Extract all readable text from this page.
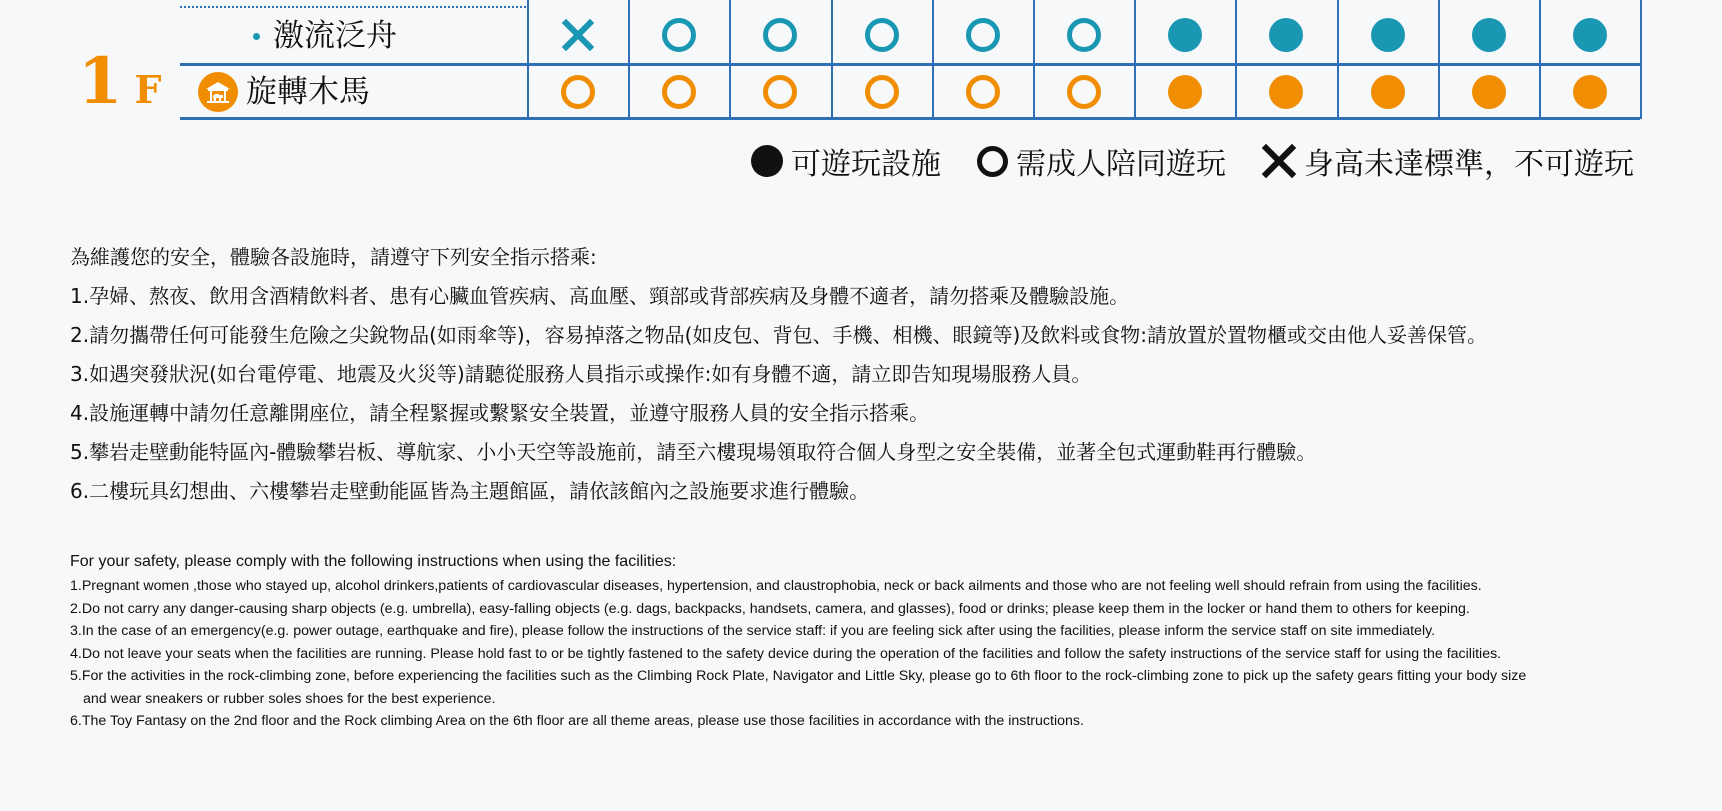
1 F
激流泛舟
旋轉木馬
可遊玩設施	需成人陪同遊玩	身高未達標準，不可遊玩

為維護您的安全，體驗各設施時，請遵守下列安全指示搭乘:

1.孕婦、熬夜、飲用含酒精飲料者、患有心臟血管疾病、高血壓、頸部或背部疾病及身體不適者，請勿搭乘及體驗設施。

2.請勿攜帶任何可能發生危險之尖銳物品(如雨傘等)，容易掉落之物品(如皮包、背包、手機、相機、眼鏡等)及飲料或食物:請放置於置物櫃或交由他人妥善保管。

3.如遇突發狀況(如台電停電、地震及火災等)請聽從服務人員指示或操作:如有身體不適，請立即告知現場服務人員。

4.設施運轉中請勿任意離開座位，請全程緊握或繫緊安全裝置，並遵守服務人員的安全指示搭乘。

5.攀岩走壁動能特區內-體驗攀岩板、導航家、小小天空等設施前，請至六樓現場領取符合個人身型之安全裝備，並著全包式運動鞋再行體驗。

6.二樓玩具幻想曲、六樓攀岩走壁動能區皆為主題館區，請依該館內之設施要求進行體驗。

For your safety, please comply with the following instructions when using the facilities:

1.Pregnant women ,those who stayed up, alcohol drinkers,patients of cardiovascular diseases, hypertension, and claustrophobia, neck or back ailments and those who are not feeling well should refrain from using the facilities.

2.Do not carry any danger-causing sharp objects (e.g. umbrella), easy-falling objects (e.g. dags, backpacks, handsets, camera, and glasses), food or drinks; please keep them in the locker or hand them to others for keeping.

3.In the case of an emergency(e.g. power outage, earthquake and fire), please follow the instructions of the service staff: if you are feeling sick after using the facilities, please inform the service staff on site immediately.

4.Do not leave your seats when the facilities are running. Please hold fast to or be tightly fastened to the safety device during the operation of the facilities and follow the safety instructions of the service staff for using the facilities.

5.For the activities in the rock-climbing zone, before experiencing the facilities such as the Climbing Rock Plate, Navigator and Little Sky, please go to 6th floor to the rock-climbing zone to pick up the safety gears fitting your body size

and wear sneakers or rubber soles shoes for the best experience.

6.The Toy Fantasy on the 2nd floor and the Rock climbing Area on the 6th floor are all theme areas, please use those facilities in accordance with the instructions.
